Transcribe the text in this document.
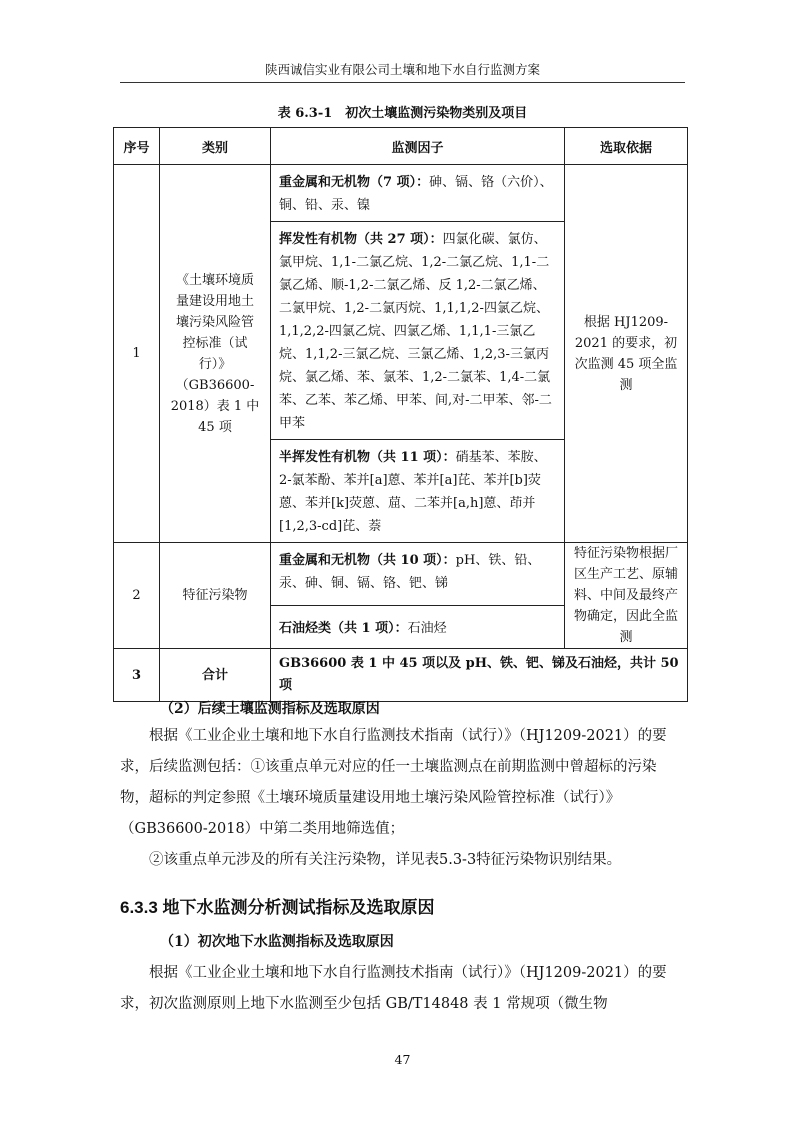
陕西诚信实业有限公司土壤和地下水自行监测方案
表 6.3-1　初次土壤监测污染物类别及项目
序号	类别	监测因子	选取依据
1	《土壤环境质量建设用地土壤污染风险管控标准（试行）》（GB36600-2018）表 1 中 45 项	重金属和无机物（7 项）：砷、镉、铬（六价）、铜、铅、汞、镍	根据 HJ1209-2021 的要求，初次监测 45 项全监测
		挥发性有机物（共 27 项）：四氯化碳、氯仿、氯甲烷、1,1-二氯乙烷、1,2-二氯乙烷、1,1-二氯乙烯、顺-1,2-二氯乙烯、反 1,2-二氯乙烯、二氯甲烷、1,2-二氯丙烷、1,1,1,2-四氯乙烷、1,1,2,2-四氯乙烷、四氯乙烯、1,1,1-三氯乙烷、1,1,2-三氯乙烷、三氯乙烯、1,2,3-三氯丙烷、氯乙烯、苯、氯苯、1,2-二氯苯、1,4-二氯苯、乙苯、苯乙烯、甲苯、间,对-二甲苯、邻-二甲苯	
		半挥发性有机物（共 11 项）：硝基苯、苯胺、2-氯苯酚、苯并[a]蒽、苯并[a]芘、苯并[b]荧蒽、苯并[k]荧蒽、䓛、二苯并[a,h]蒽、茚并[1,2,3-cd]芘、萘	
2	特征污染物	重金属和无机物（共 10 项）：pH、铁、铅、汞、砷、铜、镉、铬、钯、锑	特征污染物根据厂区生产工艺、原辅料、中间及最终产物确定，因此全监测
		石油烃类（共 1 项）：石油烃	
3	合计	GB36600 表 1 中 45 项以及 pH、铁、钯、锑及石油烃，共计 50 项	
（2）后续土壤监测指标及选取原因

根据《工业企业土壤和地下水自行监测技术指南（试行）》（HJ1209-2021）的要求，后续监测包括：①该重点单元对应的任一土壤监测点在前期监测中曾超标的污染物，超标的判定参照《土壤环境质量建设用地土壤污染风险管控标准（试行）》（GB36600-2018）中第二类用地筛选值；

②该重点单元涉及的所有关注污染物，详见表5.3-3特征污染物识别结果。

6.3.3 地下水监测分析测试指标及选取原因
（1）初次地下水监测指标及选取原因

根据《工业企业土壤和地下水自行监测技术指南（试行）》（HJ1209-2021）的要求，初次监测原则上地下水监测至少包括 GB/T14848 表 1 常规项（微生物

47
